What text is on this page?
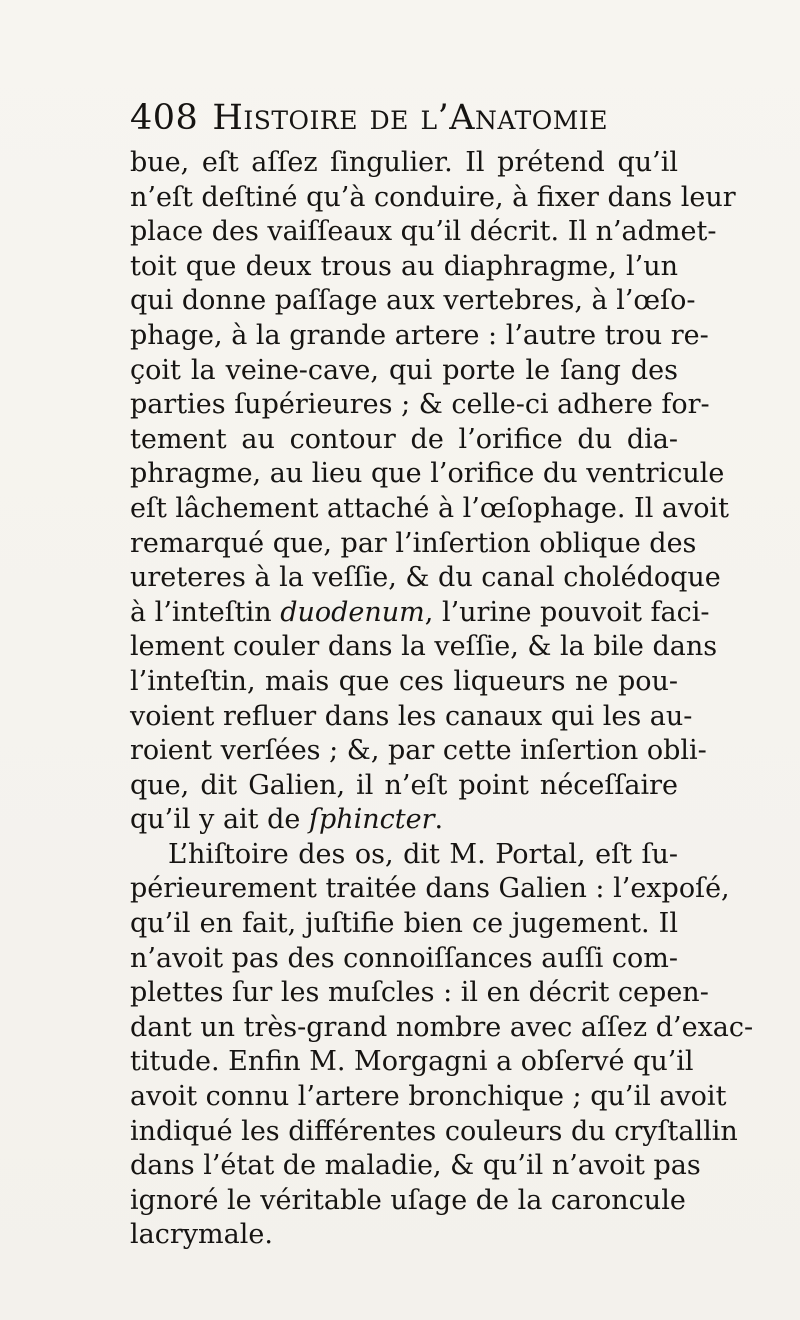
408 Histoire de l’Anatomie
bue, eſt aſſez ſingulier. Il prétend qu’il
n’eſt deſtiné qu’à conduire, à fixer dans leur
place des vaiſſeaux qu’il décrit. Il n’admet-
toit que deux trous au diaphragme, l’un
qui donne paſſage aux vertebres, à l’œſo-
phage, à la grande artere : l’autre trou re-
çoit la veine-cave, qui porte le ſang des
parties ſupérieures ; & celle-ci adhere for-
tement au contour de l’orifice du dia-
phragme, au lieu que l’orifice du ventricule
eſt lâchement attaché à l’œſophage. Il avoit
remarqué que, par l’inſertion oblique des
ureteres à la veſſie, & du canal cholédoque
à l’inteſtin duodenum, l’urine pouvoit faci-
lement couler dans la veſſie, & la bile dans
l’inteſtin, mais que ces liqueurs ne pou-
voient refluer dans les canaux qui les au-
roient verſées ; &, par cette inſertion obli-
que, dit Galien, il n’eſt point néceſſaire
qu’il y ait de ſphincter.
L’hiſtoire des os, dit M. Portal, eſt ſu-
périeurement traitée dans Galien : l’expoſé,
qu’il en fait, juſtifie bien ce jugement. Il
n’avoit pas des connoiſſances auſſi com-
plettes ſur les muſcles : il en décrit cepen-
dant un très-grand nombre avec aſſez d’exac-
titude. Enfin M. Morgagni a obſervé qu’il
avoit connu l’artere bronchique ; qu’il avoit
indiqué les différentes couleurs du cryſtallin
dans l’état de maladie, & qu’il n’avoit pas
ignoré le véritable uſage de la caroncule
lacrymale.
